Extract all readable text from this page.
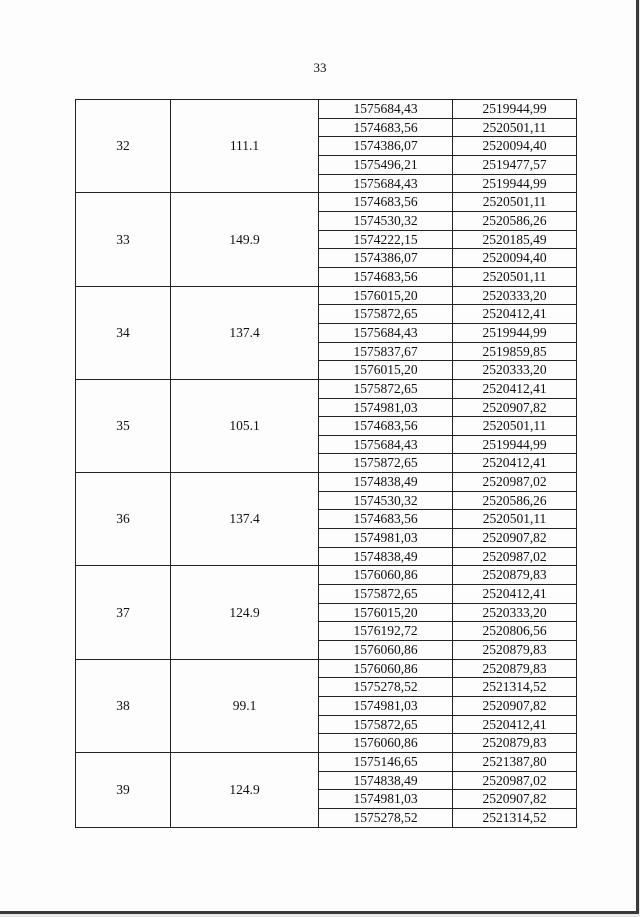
33
32	111.1	1575684,43	2519944,99
		1574683,56	2520501,11
		1574386,07	2520094,40
		1575496,21	2519477,57
		1575684,43	2519944,99
33	149.9	1574683,56	2520501,11
		1574530,32	2520586,26
		1574222,15	2520185,49
		1574386,07	2520094,40
		1574683,56	2520501,11
34	137.4	1576015,20	2520333,20
		1575872,65	2520412,41
		1575684,43	2519944,99
		1575837,67	2519859,85
		1576015,20	2520333,20
35	105.1	1575872,65	2520412,41
		1574981,03	2520907,82
		1574683,56	2520501,11
		1575684,43	2519944,99
		1575872,65	2520412,41
36	137.4	1574838,49	2520987,02
		1574530,32	2520586,26
		1574683,56	2520501,11
		1574981,03	2520907,82
		1574838,49	2520987,02
37	124.9	1576060,86	2520879,83
		1575872,65	2520412,41
		1576015,20	2520333,20
		1576192,72	2520806,56
		1576060,86	2520879,83
38	99.1	1576060,86	2520879,83
		1575278,52	2521314,52
		1574981,03	2520907,82
		1575872,65	2520412,41
		1576060,86	2520879,83
39	124.9	1575146,65	2521387,80
		1574838,49	2520987,02
		1574981,03	2520907,82
		1575278,52	2521314,52
